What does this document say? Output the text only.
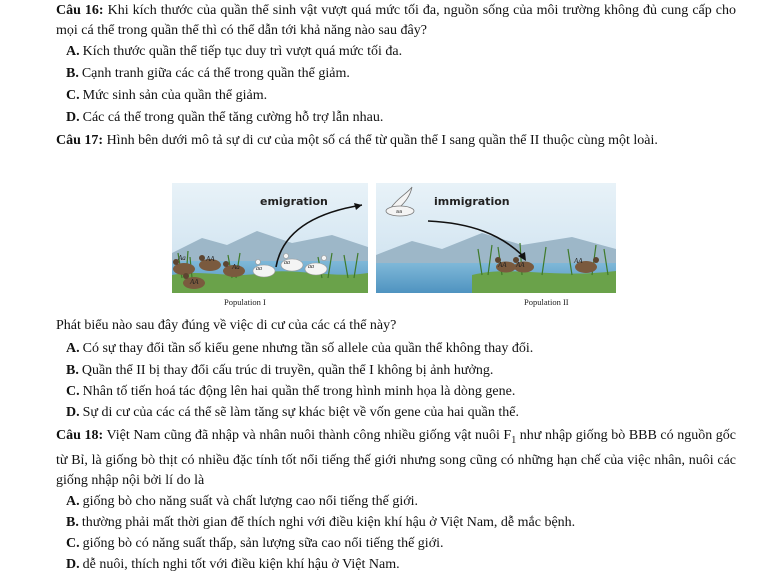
Câu 16: Khi kích thước của quần thể sinh vật vượt quá mức tối đa, nguồn sống của môi trường không đủ cung cấp cho mọi cá thể trong quần thể thì có thể dẫn tới khả năng nào sau đây?
A. Kích thước quần thể tiếp tục duy trì vượt quá mức tối đa.
B. Cạnh tranh giữa các cá thể trong quần thể giảm.
C. Mức sinh sản của quần thể giảm.
D. Các cá thể trong quần thể tăng cường hỗ trợ lẫn nhau.
Câu 17: Hình bên dưới mô tả sự di cư của một số cá thể từ quần thể I sang quần thể II thuộc cùng một loài.
aa
Aa	AA
Aa
AA
aa
aa
aa	AA AA	AA
emigration	immigration
Population I	Population II
Phát biểu nào sau đây đúng về việc di cư của các cá thể này?
A. Có sự thay đổi tần số kiểu gene nhưng tần số allele của quần thể không thay đổi.
B. Quần thể II bị thay đổi cấu trúc di truyền, quần thể I không bị ảnh hưởng.
C. Nhân tố tiến hoá tác động lên hai quần thể trong hình minh họa là dòng gene.
D. Sự di cư của các cá thể sẽ làm tăng sự khác biệt về vốn gene của hai quần thể.
Câu 18: Việt Nam cũng đã nhập và nhân nuôi thành công nhiều giống vật nuôi $F_1$ như nhập giống bò BBB có nguồn gốc từ Bỉ, là giống bò thịt có nhiều đặc tính tốt nổi tiếng thế giới nhưng song cũng có những hạn chế của việc nhân, nuôi các giống nhập nội bởi lí do là
A. giống bò cho năng suất và chất lượng cao nổi tiếng thế giới.
B. thường phải mất thời gian để thích nghi với điều kiện khí hậu ở Việt Nam, dễ mắc bệnh.
C. giống bò có năng suất thấp, sản lượng sữa cao nổi tiếng thế giới.
D. dễ nuôi, thích nghi tốt với điều kiện khí hậu ở Việt Nam.
